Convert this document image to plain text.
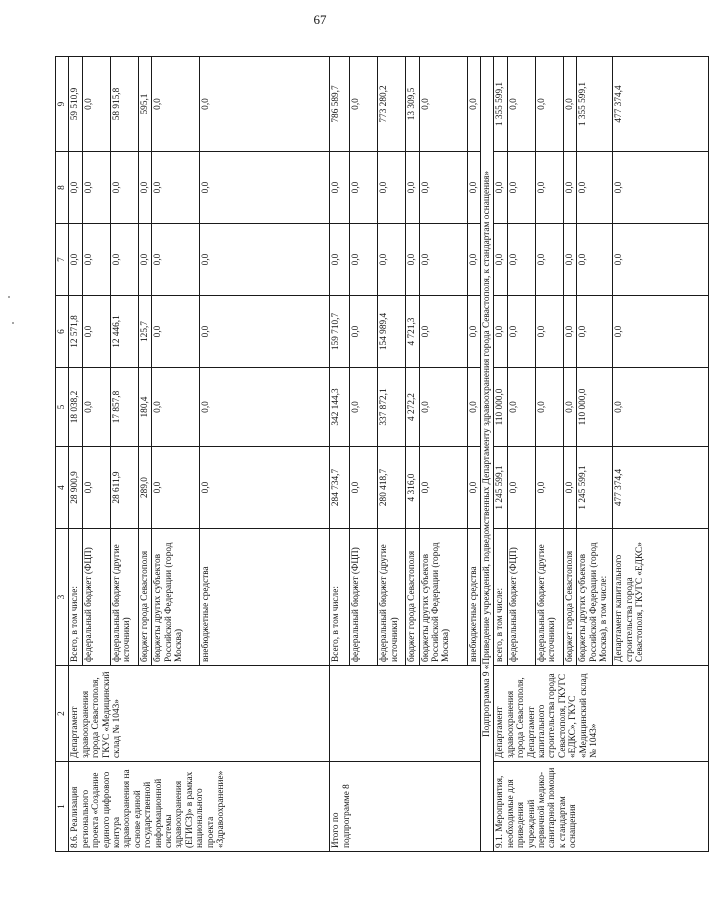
67
1	2	3	4	5	6	7	8	9
8.6. Реализация регионального проекта «Создание единого цифрового контура здравоохранения на основе единой государственной информационной системы здравоохранения (ЕГИСЗ)» в рамках национального проекта «Здравоохранение»	Департамент здравоохранения города Севастополя, ГКУС «Медицинский склад № 1043»	Всего, в том числе:	28 900,9	18 038,2	12 571,8	0,0	0,0	59 510,9
		федеральный бюджет (ФЦП)	0,0	0,0	0,0	0,0	0,0	0,0
		федеральный бюджет (другие источники)	28 611,9	17 857,8	12 446,1	0,0	0,0	58 915,8
		бюджет города Севастополя	289,0	180,4	125,7	0,0	0,0	595,1
		бюджеты других субъектов Российской Федерации (город Москва)	0,0	0,0	0,0	0,0	0,0	0,0
		внебюджетные средства	0,0	0,0	0,0	0,0	0,0	0,0
Итого по подпрограмме 8		Всего, в том числе:	284 734,7	342 144,3	159 710,7	0,0	0,0	786 589,7
		федеральный бюджет (ФЦП)	0,0	0,0	0,0	0,0	0,0	0,0
		федеральный бюджет (другие источники)	280 418,7	337 872,1	154 989,4	0,0	0,0	773 280,2
		бюджет города Севастополя	4 316,0	4 272,2	4 721,3	0,0	0,0	13 309,5
		бюджеты других субъектов Российской Федерации (город Москва)	0,0	0,0	0,0	0,0	0,0	0,0
		внебюджетные средства	0,0	0,0	0,0	0,0	0,0	0,0
Подпрограмма 9 «Приведение учреждений, подведомственных Департаменту здравоохранения города Севастополя, к стандартам оснащения»								
9.1. Мероприятия, необходимые для приведения учреждений первичной медико-санитарной помощи к стандартам оснащения	Департамент здравоохранения города Севастополя, Департамент капитального строительства города Севастополя, ГКУГС «ЕДКС», ГКУС «Медицинский склад № 1043»	всего, в том числе:	1 245 599,1	110 000,0	0,0	0,0	0,0	1 355 599,1
		федеральный бюджет (ФЦП)	0,0	0,0	0,0	0,0	0,0	0,0
		федеральный бюджет (другие источники)	0,0	0,0	0,0	0,0	0,0	0,0
		бюджет города Севастополя	0,0	0,0	0,0	0,0	0,0	0,0
		бюджеты других субъектов Российской Федерации (город Москва), в том числе:	1 245 599,1	110 000,0	0,0	0,0	0,0	1 355 599,1
		Департамент капитального строительства города Севастополя, ГКУГС «ЕДКС»	477 374,4	0,0	0,0	0,0	0,0	477 374,4
